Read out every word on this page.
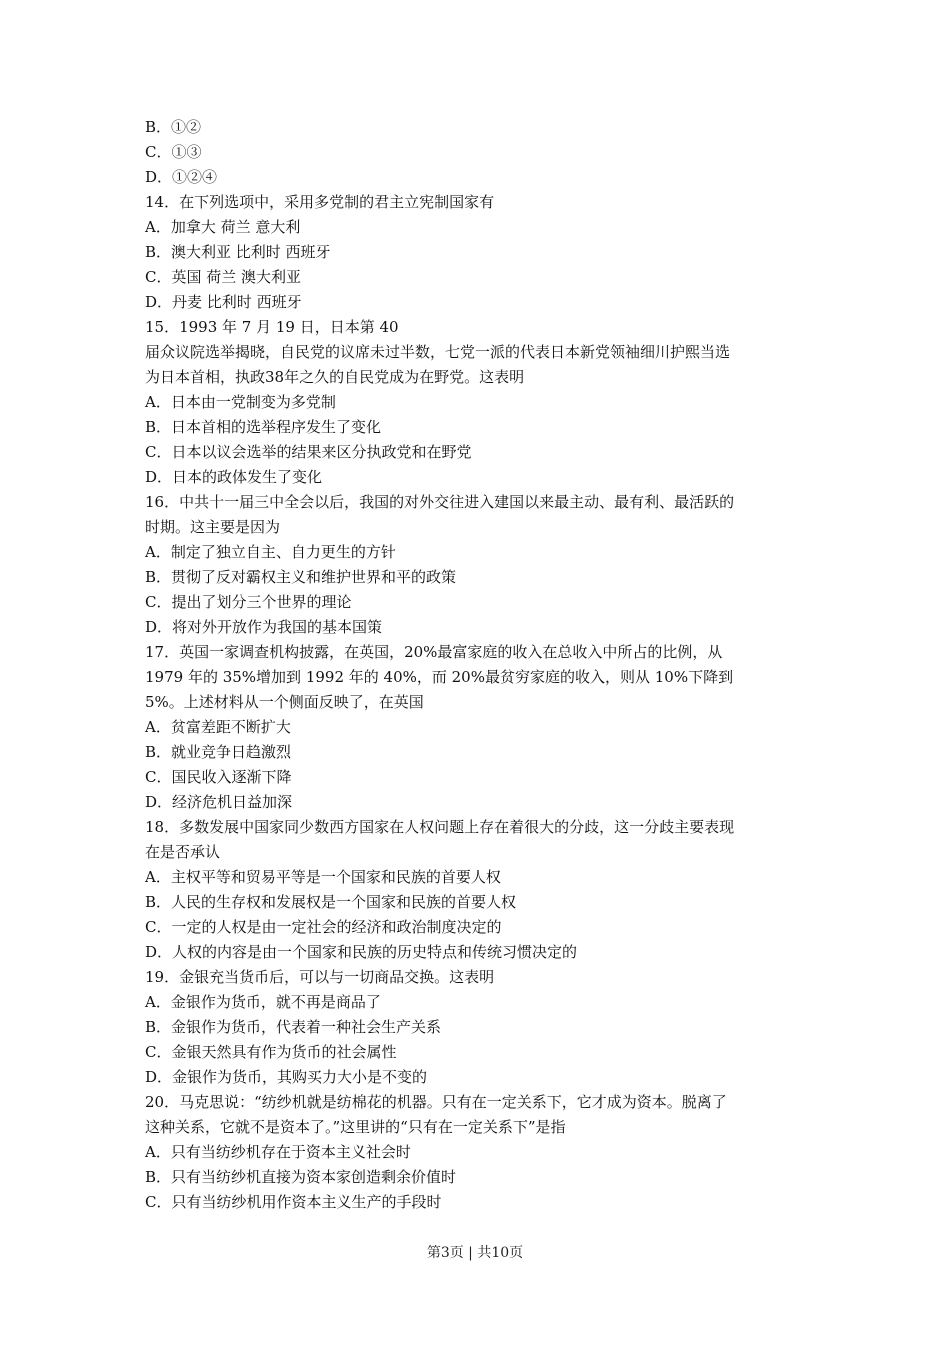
B．①②
C．①③
D．①②④
14．在下列选项中，采用多党制的君主立宪制国家有
A．加拿大 荷兰 意大利
B．澳大利亚 比利时 西班牙
C．英国 荷兰 澳大利亚
D．丹麦 比利时 西班牙
15．1993 年 7 月 19 日，日本第 40
届众议院选举揭晓，自民党的议席未过半数，七党一派的代表日本新党领袖细川护熙当选
为日本首相，执政38年之久的自民党成为在野党。这表明
A．日本由一党制变为多党制
B．日本首相的选举程序发生了变化
C．日本以议会选举的结果来区分执政党和在野党
D．日本的政体发生了变化
16．中共十一届三中全会以后，我国的对外交往进入建国以来最主动、最有利、最活跃的
时期。这主要是因为
A．制定了独立自主、自力更生的方针
B．贯彻了反对霸权主义和维护世界和平的政策
C．提出了划分三个世界的理论
D．将对外开放作为我国的基本国策
17．英国一家调查机构披露，在英国，20%最富家庭的收入在总收入中所占的比例，从
1979 年的 35%增加到 1992 年的 40%，而 20%最贫穷家庭的收入，则从 10%下降到
5%。上述材料从一个侧面反映了，在英国
A．贫富差距不断扩大
B．就业竞争日趋激烈
C．国民收入逐渐下降
D．经济危机日益加深
18．多数发展中国家同少数西方国家在人权问题上存在着很大的分歧，这一分歧主要表现
在是否承认
A．主权平等和贸易平等是一个国家和民族的首要人权
B．人民的生存权和发展权是一个国家和民族的首要人权
C．一定的人权是由一定社会的经济和政治制度决定的
D．人权的内容是由一个国家和民族的历史特点和传统习惯决定的
19．金银充当货币后，可以与一切商品交换。这表明
A．金银作为货币，就不再是商品了
B．金银作为货币，代表着一种社会生产关系
C．金银天然具有作为货币的社会属性
D．金银作为货币，其购买力大小是不变的
20．马克思说：“纺纱机就是纺棉花的机器。只有在一定关系下，它才成为资本。脱离了
这种关系，它就不是资本了。”这里讲的“只有在一定关系下”是指
A．只有当纺纱机存在于资本主义社会时
B．只有当纺纱机直接为资本家创造剩余价值时
C．只有当纺纱机用作资本主义生产的手段时
第3页 | 共10页
